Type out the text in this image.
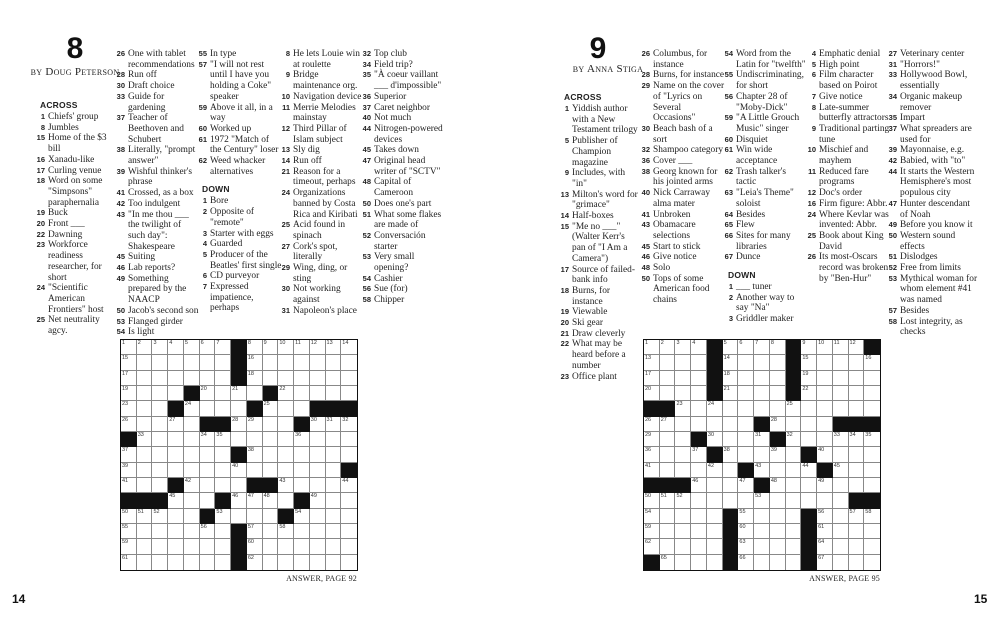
8
by Doug Peterson
ACROSS
1 Chiefs' group
8 Jumbles
15 Home of the $3 bill
16 Xanadu-like
17 Curling venue
18 Word on some "Simpsons" paraphernalia
19 Buck
20 Front ___
22 Dawning
23 Workforce readiness researcher, for short
24 "Scientific American Frontiers" host
25 Net neutrality agcy.
26 One with tablet recommendations
28 Run off
30 Draft choice
33 Guide for gardening
37 Teacher of Beethoven and Schubert
38 Literally, "prompt answer"
39 Wishful thinker's phrase
41 Crossed, as a box
42 Too indulgent
43 "In me thou ___ the twilight of such day": Shakespeare
45 Suiting
46 Lab reports?
49 Something prepared by the NAACP
50 Jacob's second son
53 Flanged girder
54 Is light
55 In type
57 "I will not rest until I have you holding a Coke" speaker
59 Above it all, in a way
60 Worked up
61 1972 "Match of the Century" loser
62 Weed whacker alternatives
DOWN
1 Bore
2 Opposite of "remote"
3 Starter with eggs
4 Guarded
5 Producer of the Beatles' first single
6 CD purveyor
7 Expressed impatience, perhaps
8 He lets Louie win at roulette
9 Bridge maintenance org.
10 Navigation device
11 Merrie Melodies mainstay
12 Third Pillar of Islam subject
13 Sly dig
14 Run off
21 Reason for a timeout, perhaps
24 Organizations banned by Costa Rica and Kiribati
25 Acid found in spinach
27 Cork's spot, literally
29 Wing, ding, or sting
30 Not working against
31 Napoleon's place
32 Top club
34 Field trip?
35 "À coeur vaillant ___ d'impossible"
36 Superior
37 Caret neighbor
40 Not much
44 Nitrogen-powered devices
45 Takes down
47 Original head writer of "SCTV"
48 Capital of Cameroon
50 Does one's part
51 What some flakes are made of
52 Conversación starter
53 Very small opening?
54 Cashier
56 Sue (for)
58 Chipper
1 2 3 4 5 6 7	8 9 10 11 12 13 14
15	16
17	18
19	20	21	22
23	24	25
26	27	28 29	30 31 32
33	34 35	36
37	38
39	40
41	42	43	44
45	46 47 48	49
50 51 52	53	54
55	56	57	58
59	60
61	62
ANSWER, PAGE 92
14
9
by Anna Stiga
ACROSS
1 Yiddish author with a New Testament trilogy
5 Publisher of Champion magazine
9 Includes, with "in"
13 Milton's word for "grimace"
14 Half-boxes
15 "Me no ___" (Walter Kerr's pan of "I Am a Camera")
17 Source of failed-bank info
18 Burns, for instance
19 Viewable
20 Ski gear
21 Draw cleverly
22 What may be heard before a number
23 Office plant
26 Columbus, for instance
28 Burns, for instance
29 Name on the cover of "Lyrics on Several Occasions"
30 Beach bash of a sort
32 Shampoo category
36 Cover ___
38 Georg known for his jointed arms
40 Nick Carraway alma mater
41 Unbroken
43 Obamacare selections
45 Start to stick
46 Give notice
48 Solo
50 Tops of some American food chains
54 Word from the Latin for "twelfth"
55 Undiscriminating, for short
56 Chapter 28 of "Moby-Dick"
59 "A Little Grouch Music" singer
60 Disquiet
61 Win wide acceptance
62 Trash talker's tactic
63 "Leia's Theme" soloist
64 Besides
65 Flew
66 Sites for many libraries
67 Dunce
DOWN
1 ___ tuner
2 Another way to say "Na"
3 Griddler maker
4 Emphatic denial
5 High point
6 Film character based on Poirot
7 Give notice
8 Late-summer butterfly attractors
9 Traditional parting tune
10 Mischief and mayhem
11 Reduced fare programs
12 Doc's order
16 Firm figure: Abbr.
24 Where Kevlar was invented: Abbr.
25 Book about King David
26 Its most-Oscars record was broken by "Ben-Hur"
27 Veterinary center
31 "Horrors!"
33 Hollywood Bowl, essentially
34 Organic makeup remover
35 Impart
37 What spreaders are used for
39 Mayonnaise, e.g.
42 Babied, with "to"
44 It starts the Western Hemisphere's most populous city
47 Hunter descendant of Noah
49 Before you know it
50 Western sound effects
51 Dislodges
52 Free from limits
53 Mythical woman for whom element #41 was named
57 Besides
58 Lost integrity, as checks
1 2 3 4	5 6 7 8	9 10 11 12
13	14	15	16
17	18	19
20	21	22
23	24	25
26 27	28
29	30	31	32	33 34 35
36	37	38	39	40
41	42	43	44	45
46	47	48	49
50 51 52	53
54	55	56	57 58
59	60	61
62	63	64
65	66	67
ANSWER, PAGE 95
15
